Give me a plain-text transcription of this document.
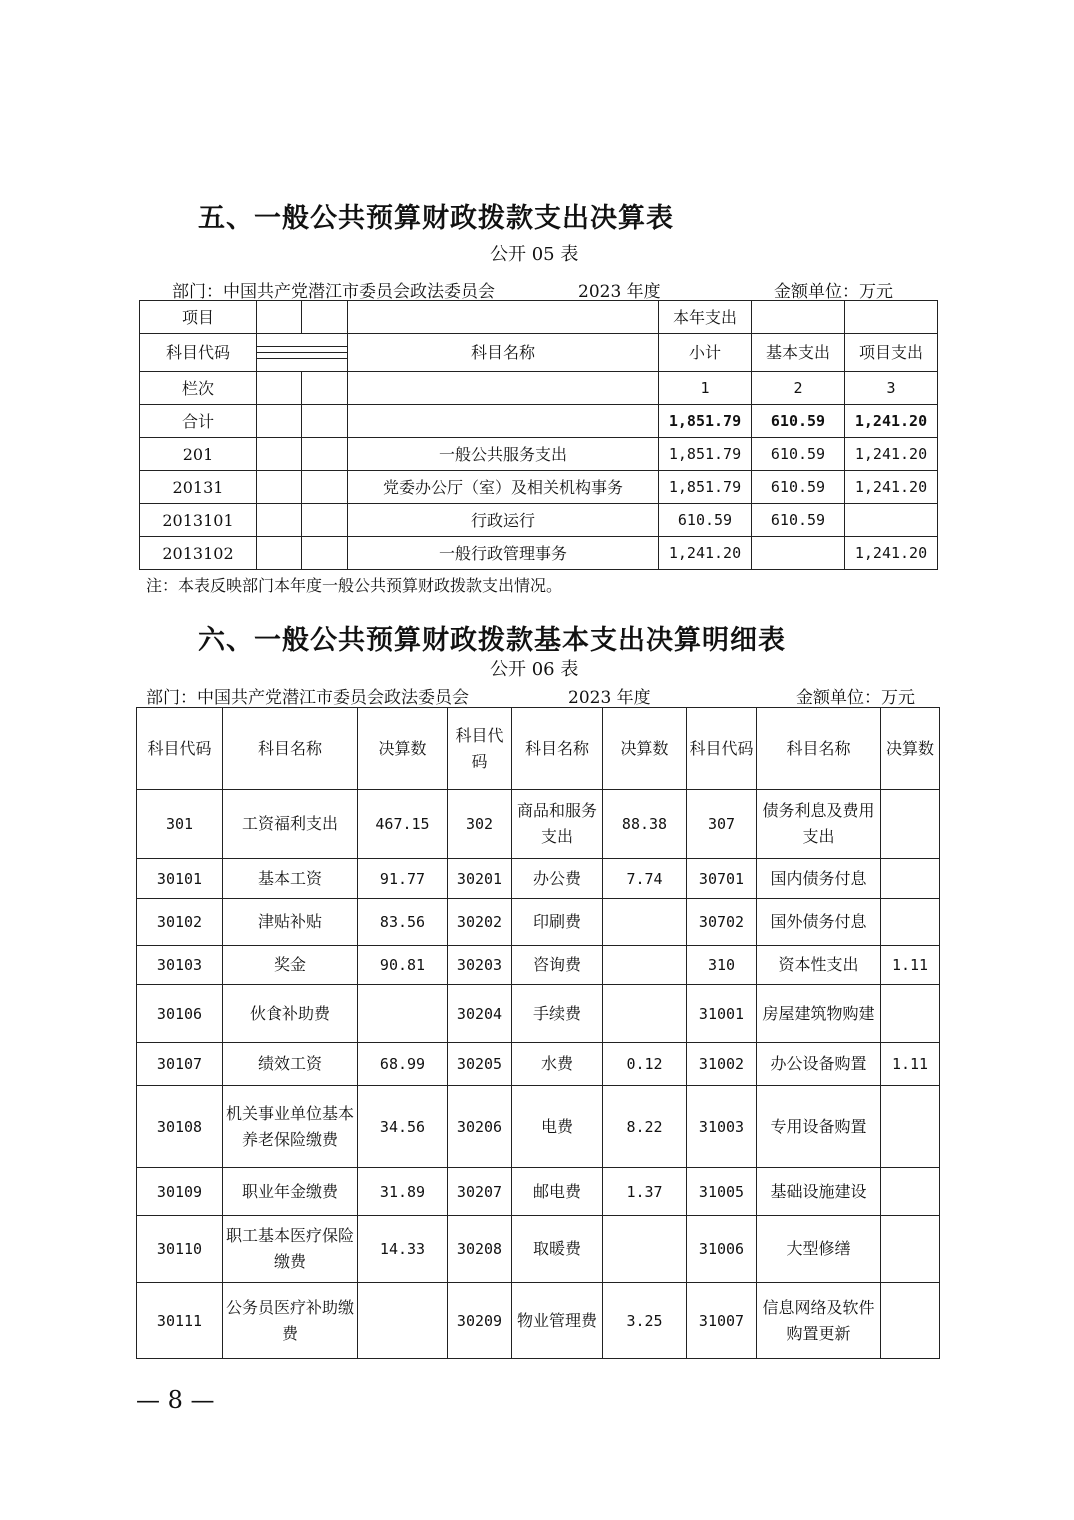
五、一般公共预算财政拨款支出决算表
公开 05 表
部门：中国共产党潜江市委员会政法委员会	2023 年度	金额单位：万元
项目				本年支出		
科目代码			科目名称	小计	基本支出	项目支出
栏次				1	2	3
合计				1,851.79	610.59	1,241.20
201			一般公共服务支出	1,851.79	610.59	1,241.20
20131			党委办公厅（室）及相关机构事务	1,851.79	610.59	1,241.20
2013101			行政运行	610.59	610.59	
2013102			一般行政管理事务	1,241.20		1,241.20
注：本表反映部门本年度一般公共预算财政拨款支出情况。
六、一般公共预算财政拨款基本支出决算明细表
公开 06 表
部门：中国共产党潜江市委员会政法委员会	2023 年度	金额单位：万元
科目代码	科目名称	决算数	科目代码	科目名称	决算数	科目代码	科目名称	决算数
301	工资福利支出	467.15	302	商品和服务支出	88.38	307	债务利息及费用支出	
30101	基本工资	91.77	30201	办公费	7.74	30701	国内债务付息	
30102	津贴补贴	83.56	30202	印刷费		30702	国外债务付息	
30103	奖金	90.81	30203	咨询费		310	资本性支出	1.11
30106	伙食补助费		30204	手续费		31001	房屋建筑物购建	
30107	绩效工资	68.99	30205	水费	0.12	31002	办公设备购置	1.11
30108	机关事业单位基本养老保险缴费	34.56	30206	电费	8.22	31003	专用设备购置	
30109	职业年金缴费	31.89	30207	邮电费	1.37	31005	基础设施建设	
30110	职工基本医疗保险缴费	14.33	30208	取暖费		31006	大型修缮	
30111	公务员医疗补助缴费		30209	物业管理费	3.25	31007	信息网络及软件购置更新	
— 8 —
